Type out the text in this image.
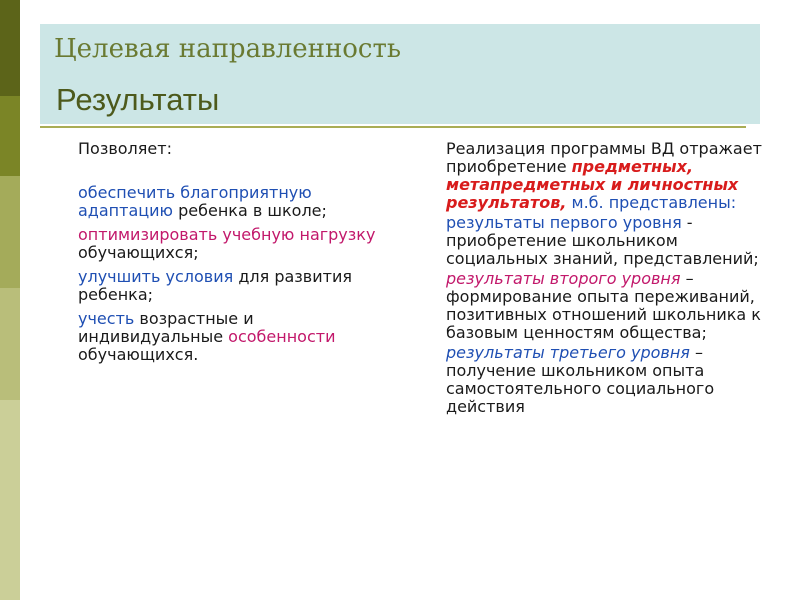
Целевая направленность
Результаты
Позволяет:
обеспечить благоприятную адаптацию ребенка в школе;
оптимизировать учебную нагрузку обучающихся;
улучшить условия для развития ребенка;
учесть возрастные и индивидуальные особенности обучающихся.
Реализация программы ВД отражает приобретение предметных, метапредметных и личностных результатов, м.б. представлены:
результаты первого уровня - приобретение школьником социальных знаний, представлений;
результаты второго уровня – формирование опыта переживаний, позитивных отношений школьника к базовым ценностям общества;
результаты третьего уровня – получение школьником опыта самостоятельного социального действия
